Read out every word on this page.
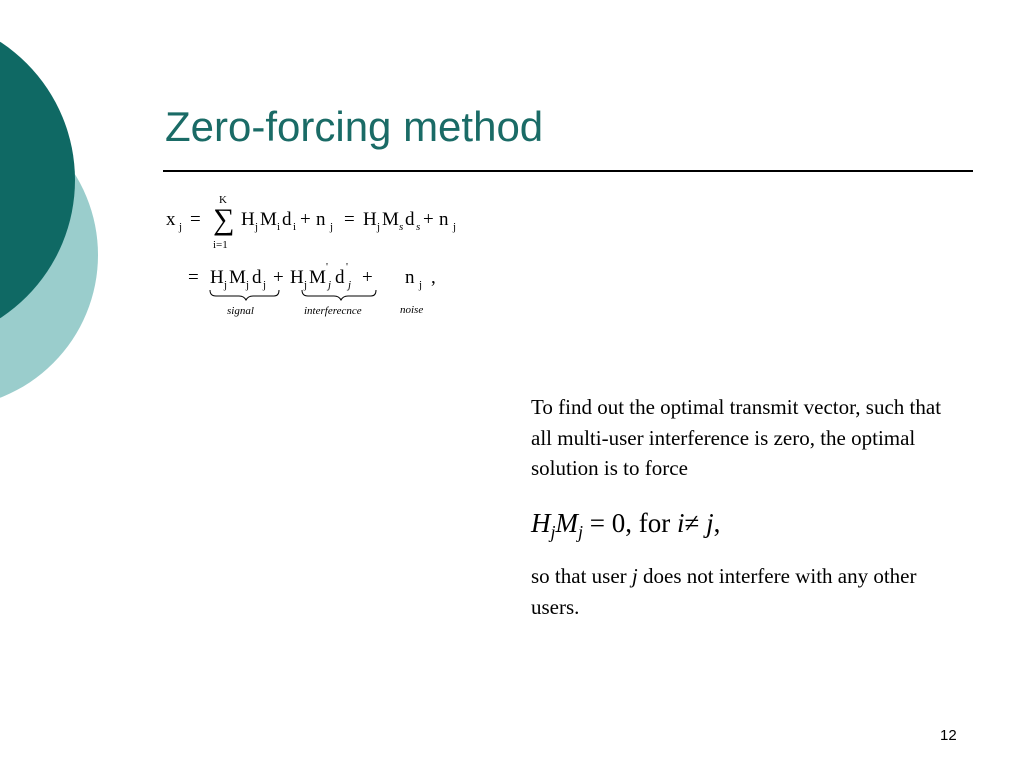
Zero-forcing method
x j =
K
∑
i=1
H j M i d i + n j = H j M s d s + n j
= H j M j d j + H j M '
j d '
j + n j ,
signal	interferecnce	noise
To find out the optimal transmit vector, such that all multi-user interference is zero, the optimal solution is to force
$H_jM_j = 0$, for i≠ j,
so that user j does not interfere with any other users.
12
